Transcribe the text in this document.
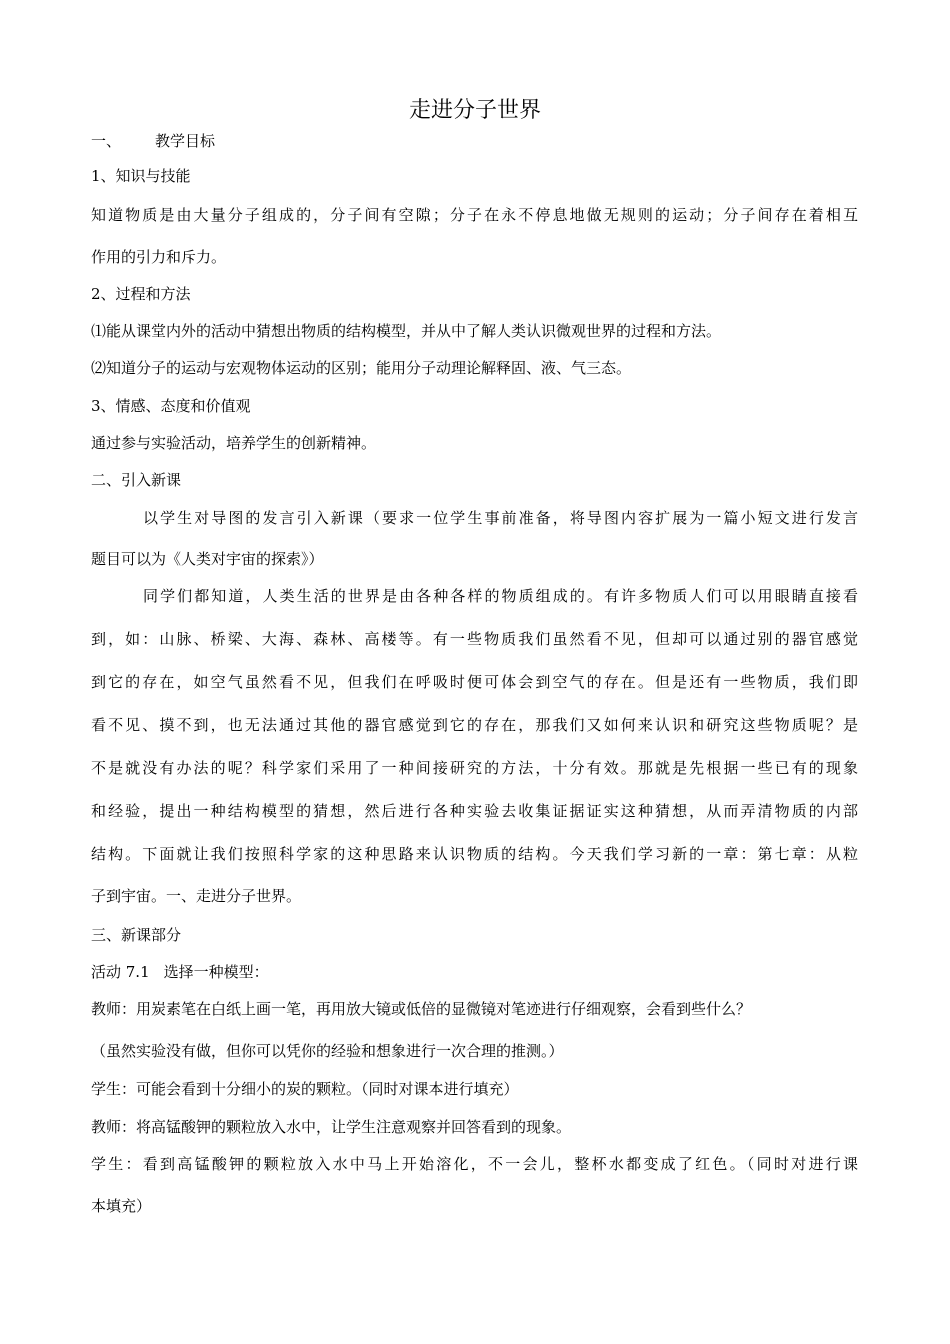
走进分子世界
一、 教学目标
1、知识与技能
知道物质是由大量分子组成的，分子间有空隙；分子在永不停息地做无规则的运动；分子间存在着相互
作用的引力和斥力。
2、过程和方法
⑴能从课堂内外的活动中猜想出物质的结构模型，并从中了解人类认识微观世界的过程和方法。
⑵知道分子的运动与宏观物体运动的区别；能用分子动理论解释固、液、气三态。
3、情感、态度和价值观
通过参与实验活动，培养学生的创新精神。
二、引入新课
以学生对导图的发言引入新课（要求一位学生事前准备，将导图内容扩展为一篇小短文进行发言
题目可以为《人类对宇宙的探索》）
同学们都知道，人类生活的世界是由各种各样的物质组成的。有许多物质人们可以用眼睛直接看
到，如：山脉、桥梁、大海、森林、高楼等。有一些物质我们虽然看不见，但却可以通过别的器官感觉
到它的存在，如空气虽然看不见，但我们在呼吸时便可体会到空气的存在。但是还有一些物质，我们即
看不见、摸不到，也无法通过其他的器官感觉到它的存在，那我们又如何来认识和研究这些物质呢？是
不是就没有办法的呢？科学家们采用了一种间接研究的方法，十分有效。那就是先根据一些已有的现象
和经验，提出一种结构模型的猜想，然后进行各种实验去收集证据证实这种猜想，从而弄清物质的内部
结构。下面就让我们按照科学家的这种思路来认识物质的结构。今天我们学习新的一章：第七章：从粒
子到宇宙。一、走进分子世界。
三、新课部分
活动 7.1 选择一种模型：
教师：用炭素笔在白纸上画一笔，再用放大镜或低倍的显微镜对笔迹进行仔细观察，会看到些什么？
（虽然实验没有做，但你可以凭你的经验和想象进行一次合理的推测。）
学生：可能会看到十分细小的炭的颗粒。（同时对课本进行填充）
教师：将高锰酸钾的颗粒放入水中，让学生注意观察并回答看到的现象。
学生：看到高锰酸钾的颗粒放入水中马上开始溶化，不一会儿，整杯水都变成了红色。（同时对进行课
本填充）
